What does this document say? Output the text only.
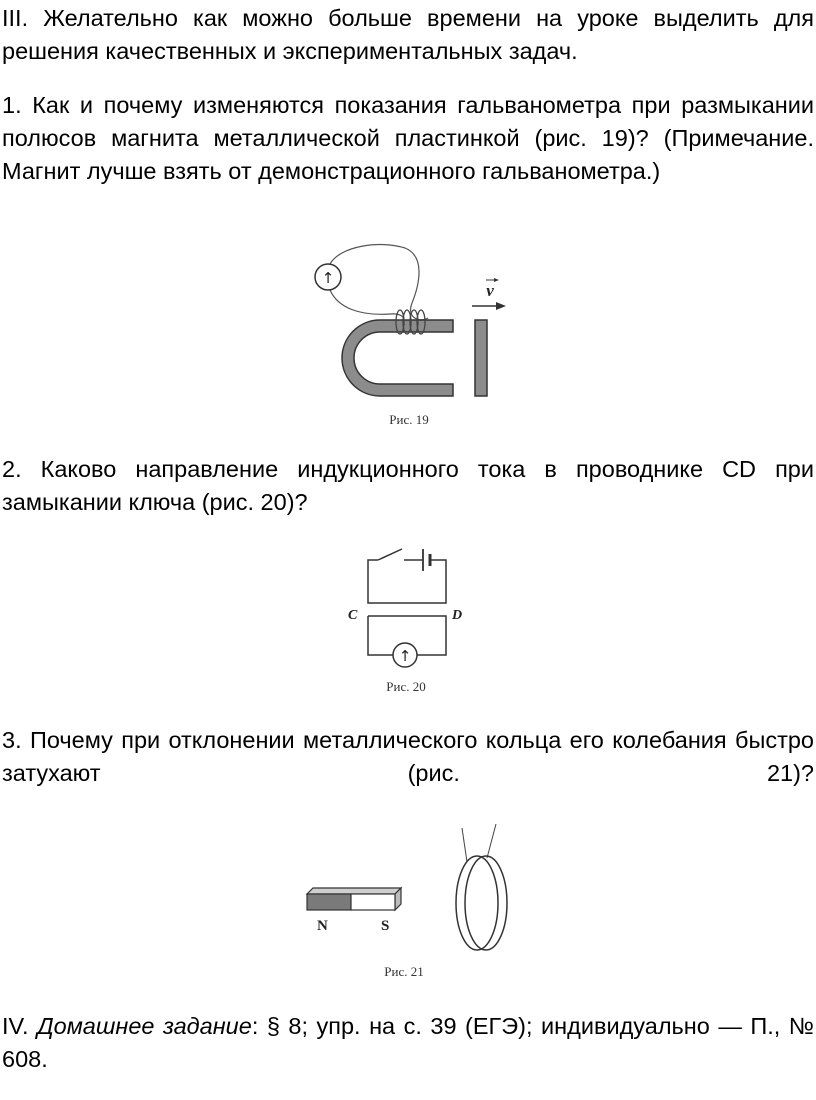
III. Желательно как можно больше времени на уроке выделить для решения качественных и экспериментальных задач.

1. Как и почему изменяются показания гальванометра при размыкании полюсов магнита металлической пластинкой (рис. 19)? (Примечание. Магнит лучше взять от демонстрационного гальванометра.)

↑
v
Рис. 19

2. Каково направление индукционного тока в проводнике CD при замыкании ключа (рис. 20)?

↑
C	D
Рис. 20

3. Почему при отклонении металлического кольца его колебания быстро затухают (рис. 21)?

N	S
Рис. 21

IV. Домашнее задание: § 8; упр. на с. 39 (ЕГЭ); индивидуально — П., № 608.
